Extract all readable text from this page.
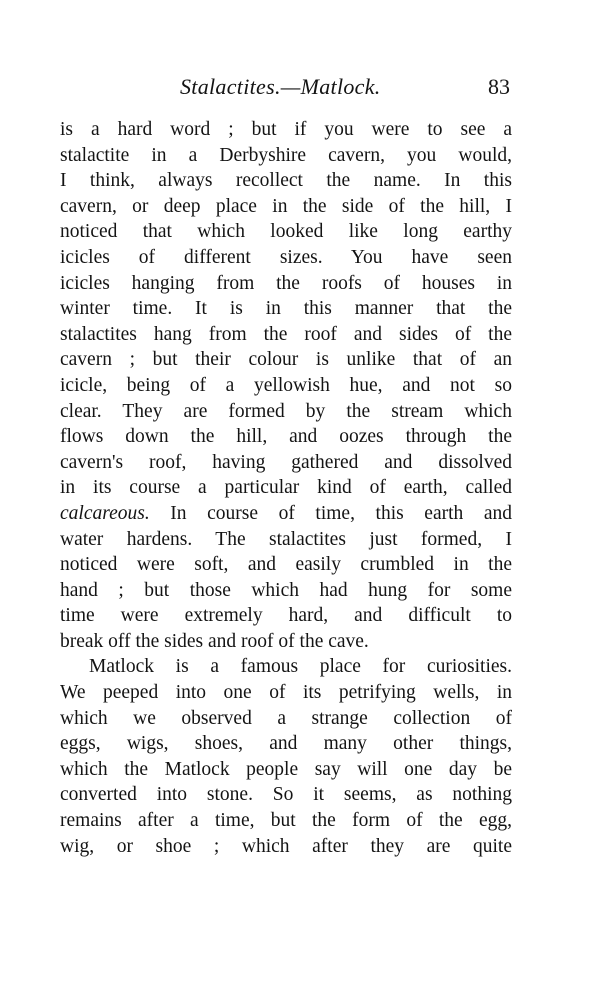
Stalactites.—Matlock.	83
is a hard word ; but if you were to see a
stalactite in a Derbyshire cavern, you would,
I think, always recollect the name. In this
cavern, or deep place in the side of the hill, I
noticed that which looked like long earthy
icicles of different sizes. You have seen
icicles hanging from the roofs of houses in
winter time. It is in this manner that the
stalactites hang from the roof and sides of the
cavern ; but their colour is unlike that of an
icicle, being of a yellowish hue, and not so
clear. They are formed by the stream which
flows down the hill, and oozes through the
cavern's roof, having gathered and dissolved
in its course a particular kind of earth, called
calcareous. In course of time, this earth and
water hardens. The stalactites just formed, I
noticed were soft, and easily crumbled in the
hand ; but those which had hung for some
time were extremely hard, and difficult to
break off the sides and roof of the cave.
Matlock is a famous place for curiosities.
We peeped into one of its petrifying wells, in
which we observed a strange collection of
eggs, wigs, shoes, and many other things,
which the Matlock people say will one day be
converted into stone. So it seems, as nothing
remains after a time, but the form of the egg,
wig, or shoe ; which after they are quite
